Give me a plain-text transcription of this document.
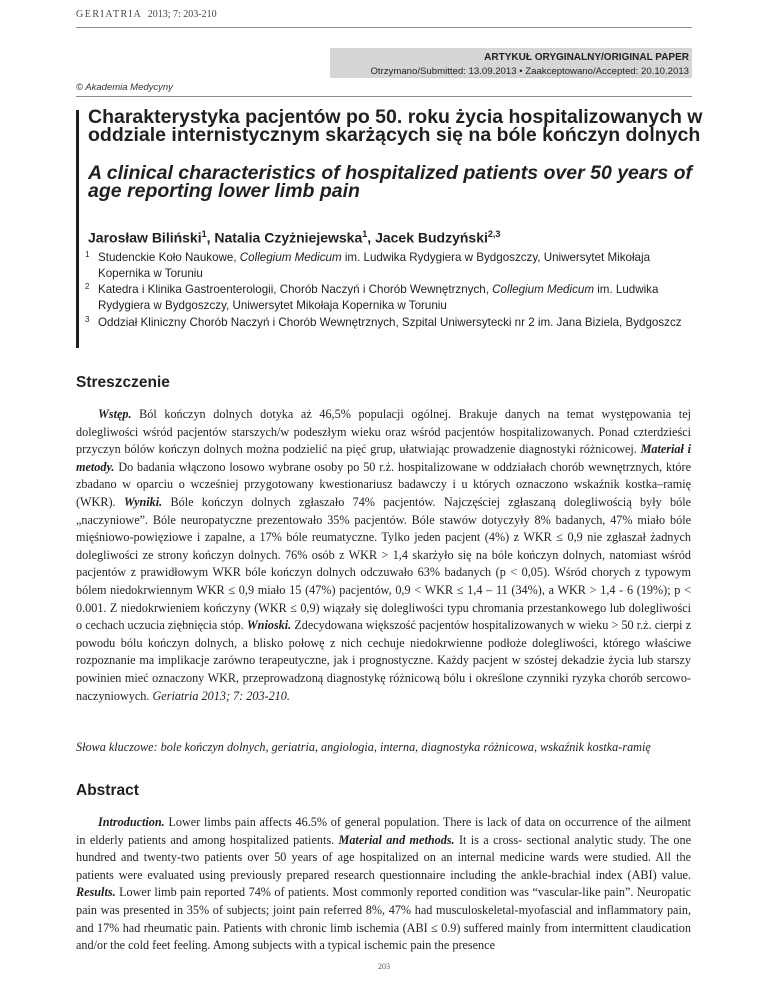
GERIATRIA 2013; 7: 203-210
ARTYKUŁ ORYGINALNY/ORIGINAL PAPER
Otrzymano/Submitted: 13.09.2013 • Zaakceptowano/Accepted: 20.10.2013
© Akademia Medycyny
Charakterystyka pacjentów po 50. roku życia hospitalizowanych w oddziale internistycznym skarżących się na bóle kończyn dolnych
A clinical characteristics of hospitalized patients over 50 years of age reporting lower limb pain
Jarosław Biliński$^1$, Natalia Czyżniejewska$^1$, Jacek Budzyński$^{2,3}$
1 Studenckie Koło Naukowe, Collegium Medicum im. Ludwika Rydygiera w Bydgoszczy, Uniwersytet Mikołaja Kopernika w Toruniu
2 Katedra i Klinika Gastroenterologii, Chorób Naczyń i Chorób Wewnętrznych, Collegium Medicum im. Ludwika Rydygiera w Bydgoszczy, Uniwersytet Mikołaja Kopernika w Toruniu
3 Oddział Kliniczny Chorób Naczyń i Chorób Wewnętrznych, Szpital Uniwersytecki nr 2 im. Jana Biziela, Bydgoszcz
Streszczenie
Wstęp. Ból kończyn dolnych dotyka aż 46,5% populacji ogólnej. Brakuje danych na temat występowania tej dolegliwości wśród pacjentów starszych/w podeszłym wieku oraz wśród pacjentów hospitalizowanych. Ponad czterdzieści przyczyn bólów kończyn dolnych można podzielić na pięć grup, ułatwiając prowadzenie diagnostyki różnicowej. Materiał i metody. Do badania włączono losowo wybrane osoby po 50 r.ż. hospitalizowane w oddziałach chorób wewnętrznych, które zbadano w oparciu o wcześniej przygotowany kwestionariusz badawczy i u których oznaczono wskaźnik kostka–ramię (WKR). Wyniki. Bóle kończyn dolnych zgłaszało 74% pacjentów. Najczęściej zgłaszaną dolegliwością były bóle „naczyniowe”. Bóle neuropatyczne prezentowało 35% pacjentów. Bóle stawów dotyczyły 8% badanych, 47% miało bóle mięśniowo-powięziowe i zapalne, a 17% bóle reumatyczne. Tylko jeden pacjent (4%) z WKR ≤ 0,9 nie zgłaszał żadnych dolegliwości ze strony kończyn dolnych. 76% osób z WKR > 1,4 skarżyło się na bóle kończyn dolnych, natomiast wśród pacjentów z prawidłowym WKR bóle kończyn dolnych odczuwało 63% badanych (p < 0,05). Wśród chorych z typowym bólem niedokrwiennym WKR ≤ 0,9 miało 15 (47%) pacjentów, 0,9 < WKR ≤ 1,4 – 11 (34%), a WKR > 1,4 - 6 (19%); p < 0.001. Z niedokrwieniem kończyny (WKR ≤ 0,9) wiązały się dolegliwości typu chromania przestankowego lub dolegliwości o cechach uczucia ziębnięcia stóp. Wnioski. Zdecydowana większość pacjentów hospitalizowanych w wieku > 50 r.ż. cierpi z powodu bólu kończyn dolnych, a blisko połowę z nich cechuje niedokrwienne podłoże dolegliwości, którego właściwe rozpoznanie ma implikacje zarówno terapeutyczne, jak i prognostyczne. Każdy pacjent w szóstej dekadzie życia lub starszy powinien mieć oznaczony WKR, przeprowadzoną diagnostykę różnicową bólu i określone czynniki ryzyka chorób sercowo-naczyniowych. Geriatria 2013; 7: 203-210.
Słowa kluczowe: bole kończyn dolnych, geriatria, angiologia, interna, diagnostyka różnicowa, wskaźnik kostka-ramię
Abstract
Introduction. Lower limbs pain affects 46.5% of general population. There is lack of data on occurrence of the ailment in elderly patients and among hospitalized patients. Material and methods. It is a cross- sectional analytic study. The one hundred and twenty-two patients over 50 years of age hospitalized on an internal medicine wards were studied. All the patients were evaluated using previously prepared research questionnaire including the ankle-brachial index (ABI) value. Results. Lower limb pain reported 74% of patients. Most commonly reported condition was “vascular-like pain”. Neuropatic pain was presented in 35% of subjects; joint pain referred 8%, 47% had musculoskeletal-myofascial and inflammatory pain, and 17% had rheumatic pain. Patients with chronic limb ischemia (ABI ≤ 0.9) suffered mainly from intermittent claudication and/or the cold feet feeling. Among subjects with a typical ischemic pain the presence
203
